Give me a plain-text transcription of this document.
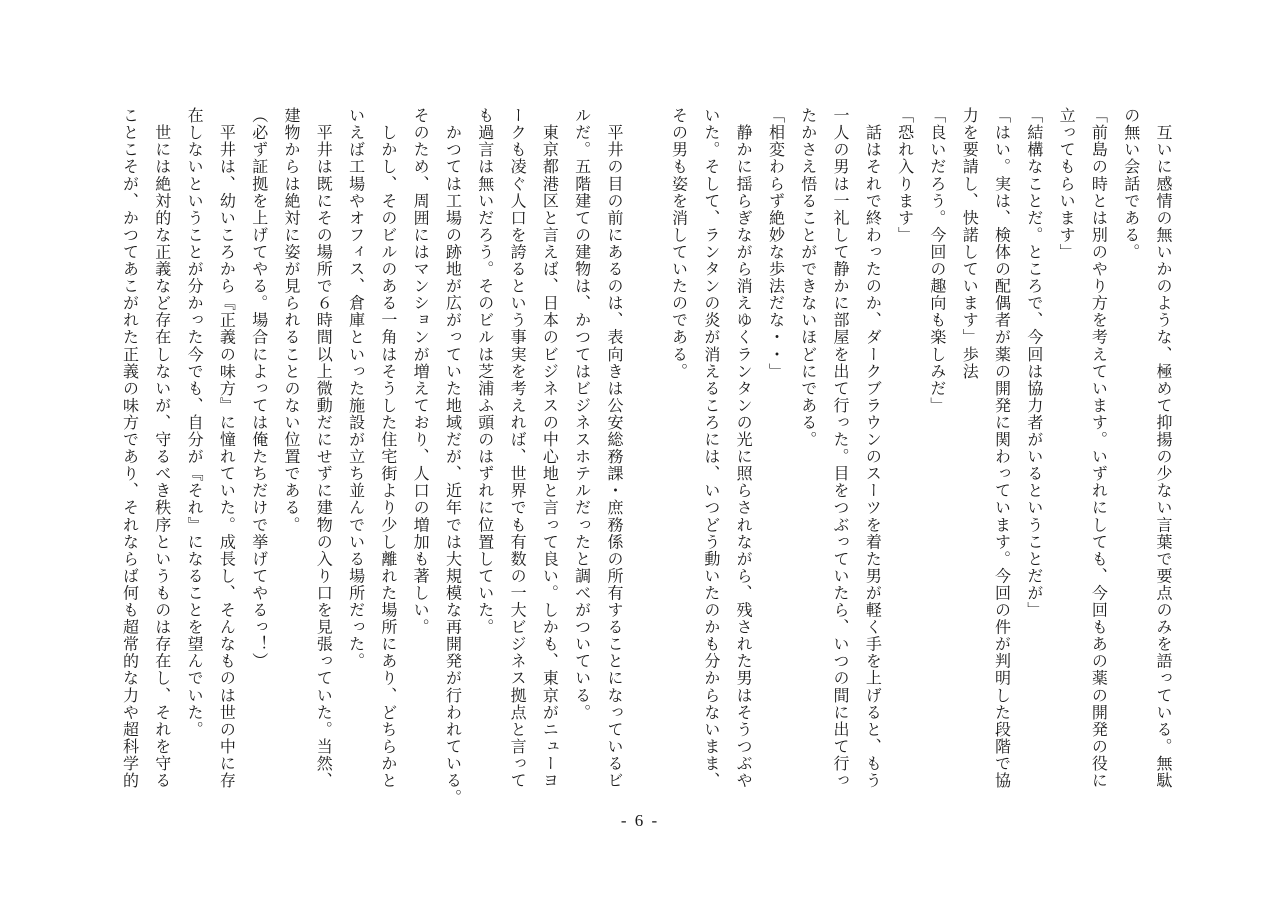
　互いに感情の無いかのような、極めて抑揚の少ない言葉で要点のみを語っている。無駄

の無い会話である。

「前島の時とは別のやり方を考えています。いずれにしても、今回もあの薬の開発の役に

立ってもらいます」

「結構なことだ。ところで、今回は協力者がいるということだが」

「はい。実は、検体の配偶者が薬の開発に関わっています。今回の件が判明した段階で協

力を要請し、快諾しています」歩法

「良いだろう。今回の趣向も楽しみだ」

「恐れ入ります」

　話はそれで終わったのか、ダークブラウンのスーツを着た男が軽く手を上げると、もう

一人の男は一礼して静かに部屋を出て行った。目をつぶっていたら、いつの間に出て行っ

たかさえ悟ることができないほどにである。

「相変わらず絶妙な歩法だな・・」

　静かに揺らぎながら消えゆくランタンの光に照らされながら、残された男はそうつぶや

いた。そして、ランタンの炎が消えるころには、いつどう動いたのかも分からないまま、

その男も姿を消していたのである。

　平井の目の前にあるのは、表向きは公安総務課・庶務係の所有することになっているビ

ルだ。五階建ての建物は、かつてはビジネスホテルだったと調べがついている。

　東京都港区と言えば、日本のビジネスの中心地と言って良い。しかも、東京がニューヨ

ークも凌ぐ人口を誇るという事実を考えれば、世界でも有数の一大ビジネス拠点と言って

も過言は無いだろう。そのビルは芝浦ふ頭のはずれに位置していた。

　かつては工場の跡地が広がっていた地域だが、近年では大規模な再開発が行われている。

そのため、周囲にはマンションが増えており、人口の増加も著しい。

　しかし、そのビルのある一角はそうした住宅街より少し離れた場所にあり、どちらかと

いえば工場やオフィス、倉庫といった施設が立ち並んでいる場所だった。

　平井は既にその場所で６時間以上微動だにせずに建物の入り口を見張っていた。当然、

建物からは絶対に姿が見られることのない位置である。

（必ず証拠を上げてやる。場合によっては俺たちだけで挙げてやるっ！）

　平井は、幼いころから『正義の味方』に憧れていた。成長し、そんなものは世の中に存

在しないということが分かった今でも、自分が『それ』になることを望んでいた。

　世には絶対的な正義など存在しないが、守るべき秩序というものは存在し、それを守る

ことこそが、かつてあこがれた正義の味方であり、それならば何も超常的な力や超科学的

- 6 -
